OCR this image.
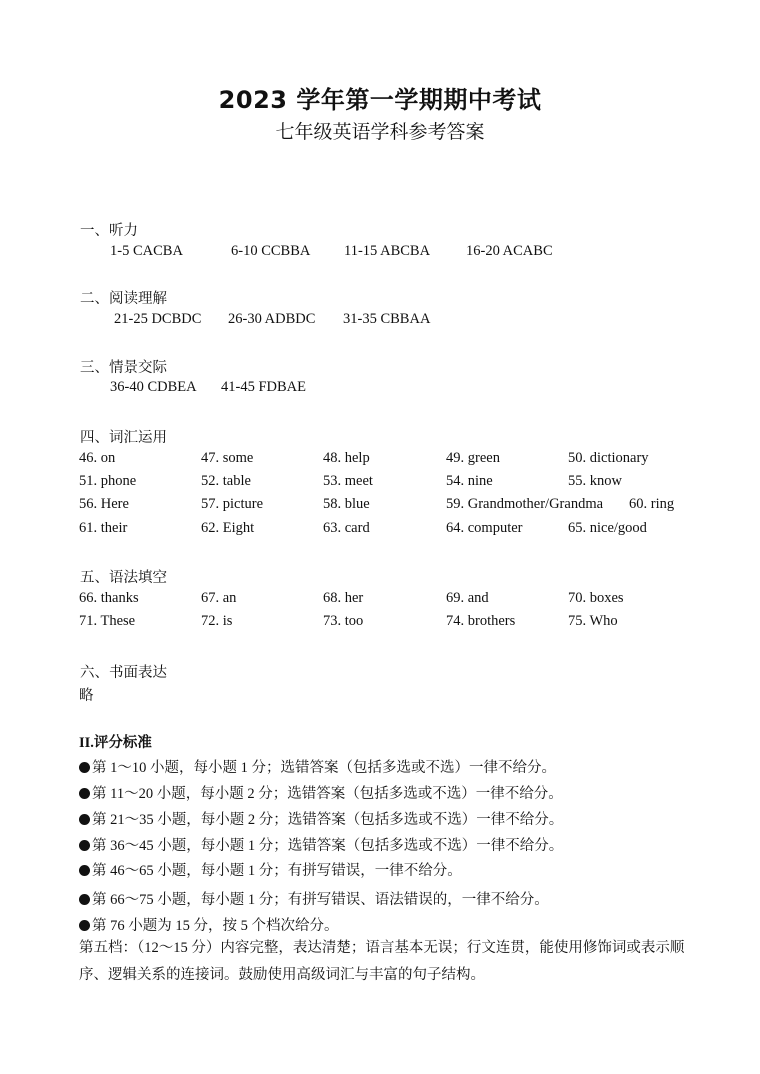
2023 学年第一学期期中考试
七年级英语学科参考答案
一、听力
1-5 CACBA	6-10 CCBBA 11-15 ABCBA 16-20 ACABC
二、阅读理解
21-25 DCBDC 26-30 ADBDC 31-35 CBBAA
三、情景交际
36-40 CDBEA 41-45 FDBAE
四、词汇运用
46. on	47. some	48. help	49. green	50. dictionary
51. phone	52. table	53. meet	54. nine	55. know
56. Here	57. picture	58. blue	59. Grandmother/Grandma 60. ring
61. their	62. Eight	63. card	64. computer	65. nice/good
五、语法填空
66. thanks	67. an	68. her	69. and	70. boxes
71. These	72. is	73. too	74. brothers	75. Who
六、书面表达
略
II.评分标准
第 1～10 小题，每小题 1 分；选错答案（包括多选或不选）一律不给分。
第 11～20 小题，每小题 2 分；选错答案（包括多选或不选）一律不给分。
第 21～35 小题，每小题 2 分；选错答案（包括多选或不选）一律不给分。
第 36～45 小题，每小题 1 分；选错答案（包括多选或不选）一律不给分。
第 46～65 小题，每小题 1 分；有拼写错误，一律不给分。
第 66～75 小题，每小题 1 分；有拼写错误、语法错误的，一律不给分。
第 76 小题为 15 分，按 5 个档次给分。
第五档：（12～15 分）内容完整，表达清楚；语言基本无误；行文连贯，能使用修饰词或表示顺序、逻辑关系的连接词。鼓励使用高级词汇与丰富的句子结构。
